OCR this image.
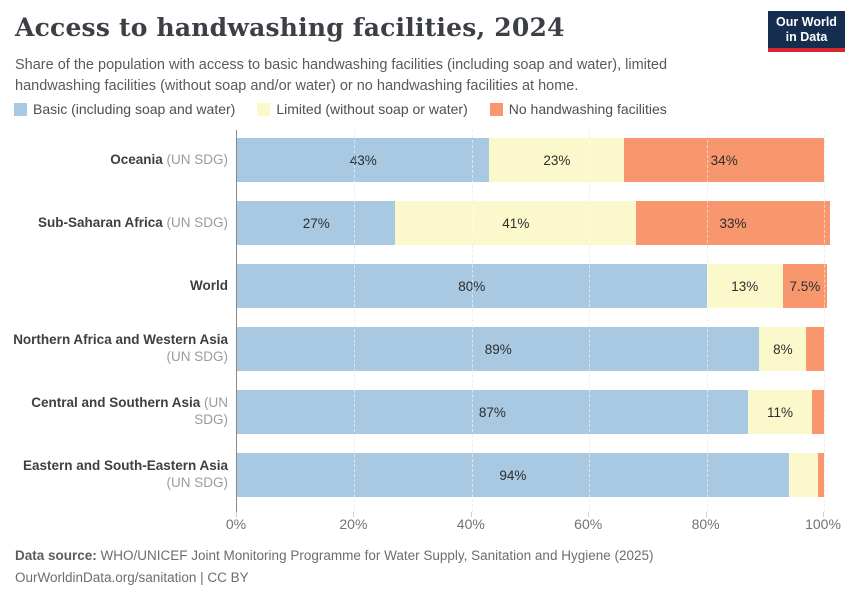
Access to handwashing facilities, 2024

Share of the population with access to basic handwashing facilities (including soap and water), limited handwashing facilities (without soap and/or water) or no handwashing facilities at home.

Our World
in Data
Basic (including soap and water)	Limited (without soap or water)	No handwashing facilities
Oceania (UN SDG)
Sub-Saharan Africa (UN SDG)
World
Northern Africa and Western Asia
(UN SDG)
Central and Southern Asia (UN SDG)
Eastern and South-Eastern Asia
(UN SDG)
43%	23%	34%
27%	41%	33%
80%	13% 7.5%
89%	8%
87%	11%
94%
0%	20%	40%	60%	80%	100%
Data source: WHO/UNICEF Joint Monitoring Programme for Water Supply, Sanitation and Hygiene (2025)
OurWorldinData.org/sanitation | CC BY
